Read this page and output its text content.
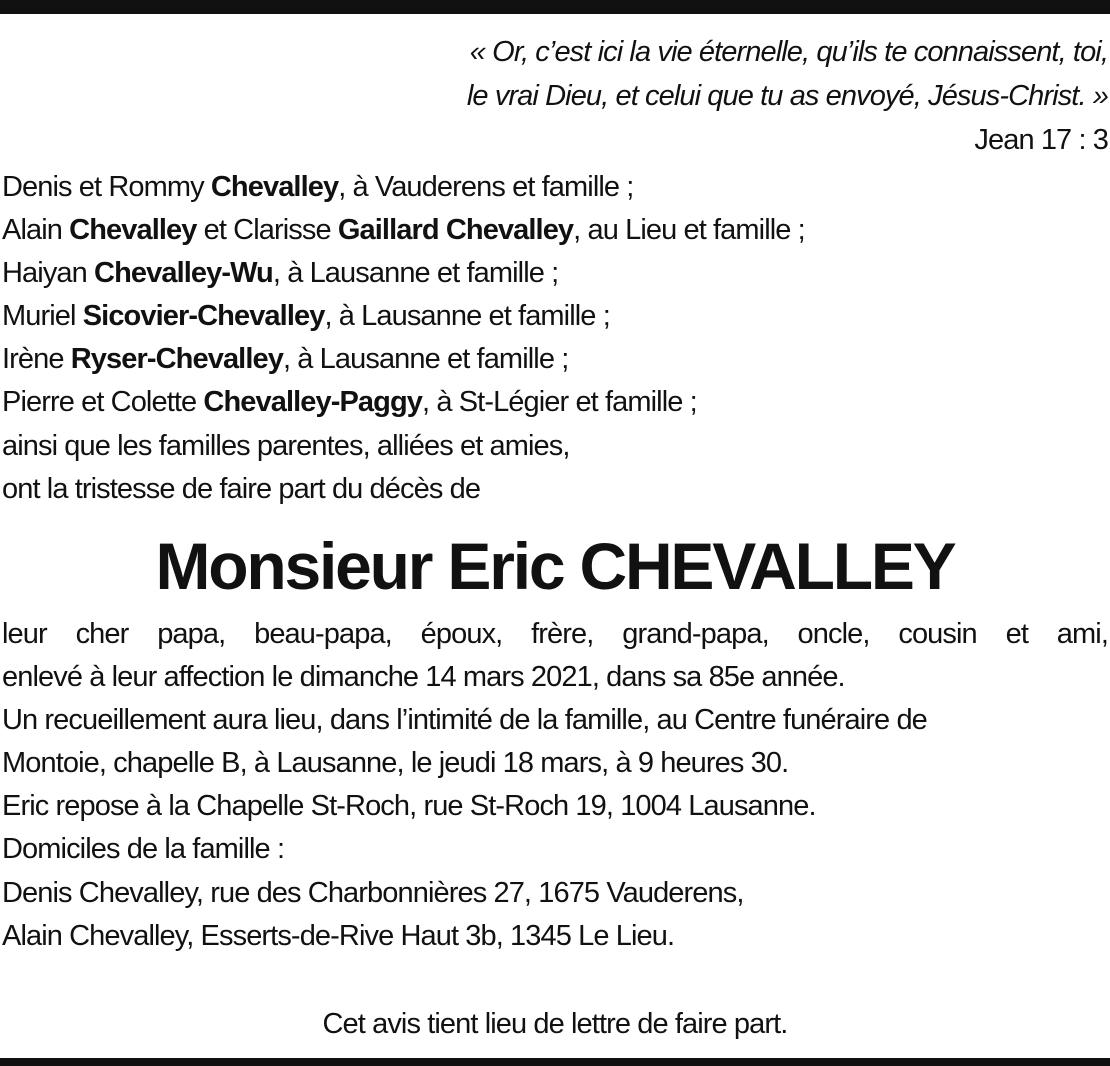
« Or, c’est ici la vie éternelle, qu’ils te connaissent, toi,
le vrai Dieu, et celui que tu as envoyé, Jésus-Christ. »
Jean 17 : 3
Denis et Rommy Chevalley, à Vauderens et famille ;
Alain Chevalley et Clarisse Gaillard Chevalley, au Lieu et famille ;
Haiyan Chevalley-Wu, à Lausanne et famille ;
Muriel Sicovier-Chevalley, à Lausanne et famille ;
Irène Ryser-Chevalley, à Lausanne et famille ;
Pierre et Colette Chevalley-Paggy, à St-Légier et famille ;
ainsi que les familles parentes, alliées et amies,
ont la tristesse de faire part du décès de
Monsieur Eric CHEVALLEY
leur cher papa, beau-papa, époux, frère, grand-papa, oncle, cousin et ami,
enlevé à leur affection le dimanche 14 mars 2021, dans sa 85e année.
Un recueillement aura lieu, dans l’intimité de la famille, au Centre funéraire de
Montoie, chapelle B, à Lausanne, le jeudi 18 mars, à 9 heures 30.
Eric repose à la Chapelle St-Roch, rue St-Roch 19, 1004 Lausanne.
Domiciles de la famille :
Denis Chevalley, rue des Charbonnières 27, 1675 Vauderens,
Alain Chevalley, Esserts-de-Rive Haut 3b, 1345 Le Lieu.
Cet avis tient lieu de lettre de faire part.
